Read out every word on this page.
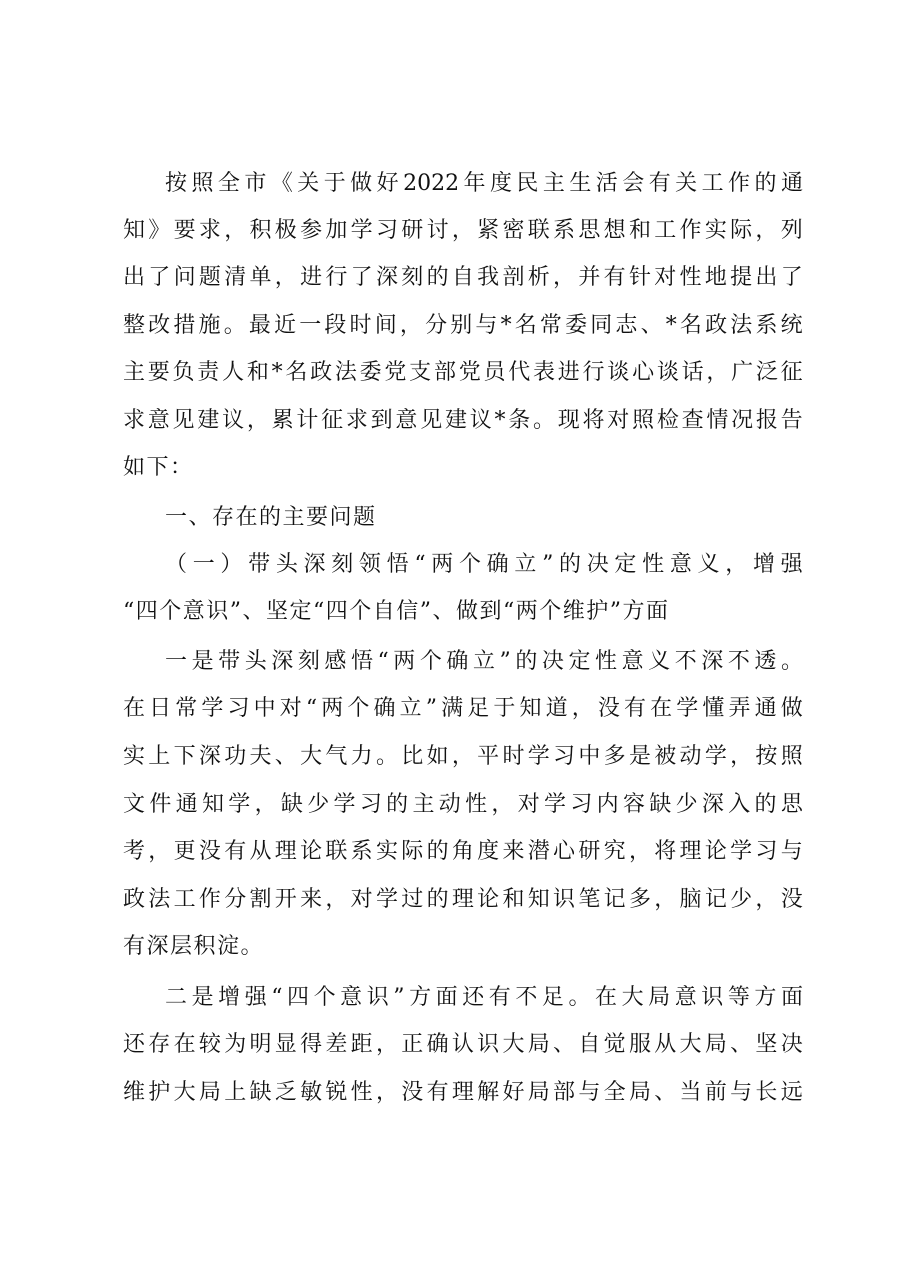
按 照 全 市 《 关 于 做 好 2022 年 度 民 主 生 活 会 有 关 工 作 的 通
知 》 要 求 ， 积 极 参 加 学 习 研 讨 ， 紧 密 联 系 思 想 和 工 作 实 际 ， 列
出 了 问 题 清 单 ， 进 行 了 深 刻 的 自 我 剖 析 ， 并 有 针 对 性 地 提 出 了
整 改 措 施 。 最 近 一 段 时 间 ， 分 别 与 * 名 常 委 同 志 、 * 名 政 法 系 统
主 要 负 责 人 和 * 名 政 法 委 党 支 部 党 员 代 表 进 行 谈 心 谈 话 ， 广 泛 征
求 意 见 建 议 ， 累 计 征 求 到 意 见 建 议 * 条 。 现 将 对 照 检 查 情 况 报 告
如下：
一、存在的主要问题
（ 一 ） 带 头 深 刻 领 悟 “ 两 个 确 立 ” 的 决 定 性 意 义 ， 增 强
“四个意识”、坚定“四个自信”、做到“两个维护”方面
一 是 带 头 深 刻 感 悟 “ 两 个 确 立 ” 的 决 定 性 意 义 不 深 不 透 。
在 日 常 学 习 中 对 “ 两 个 确 立 ” 满 足 于 知 道 ， 没 有 在 学 懂 弄 通 做
实 上 下 深 功 夫 、 大 气 力 。 比 如 ， 平 时 学 习 中 多 是 被 动 学 ， 按 照
文 件 通 知 学 ， 缺 少 学 习 的 主 动 性 ， 对 学 习 内 容 缺 少 深 入 的 思
考 ， 更 没 有 从 理 论 联 系 实 际 的 角 度 来 潜 心 研 究 ， 将 理 论 学 习 与
政 法 工 作 分 割 开 来 ， 对 学 过 的 理 论 和 知 识 笔 记 多 ， 脑 记 少 ， 没
有深层积淀。
二 是 增 强 “ 四 个 意 识 ” 方 面 还 有 不 足 。 在 大 局 意 识 等 方 面
还 存 在 较 为 明 显 得 差 距 ， 正 确 认 识 大 局 、 自 觉 服 从 大 局 、 坚 决
维 护 大 局 上 缺 乏 敏 锐 性 ， 没 有 理 解 好 局 部 与 全 局 、 当 前 与 长 远
